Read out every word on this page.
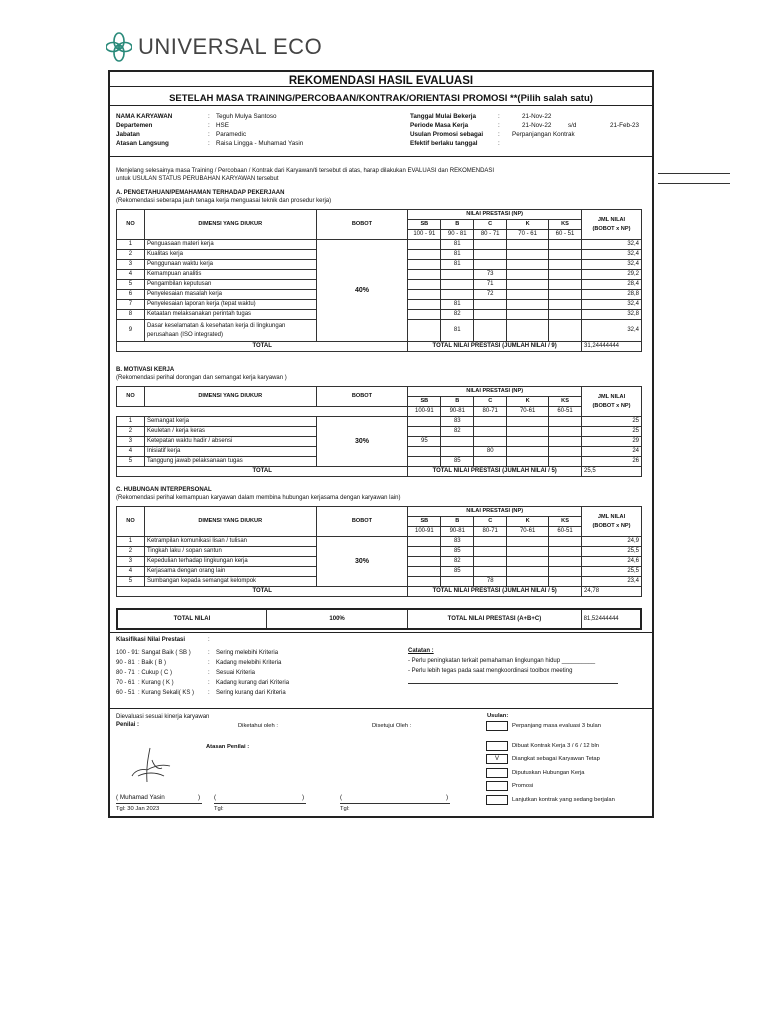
UNIVERSAL ECO
REKOMENDASI HASIL EVALUASI
SETELAH MASA TRAINING/PERCOBAAN/KONTRAK/ORIENTASI PROMOSI **(Pilih salah satu)
NAMA KARYAWAN	: Teguh Mulya Santoso
Departemen	: HSE
Jabatan	: Paramedic
Atasan Langsung	: Raisa Lingga - Muhamad Yasin
Tanggal Mulai Bekerja	:	21-Nov-22
Periode Masa Kerja	:	21-Nov-22	s/d	21-Feb-23
Usulan Promosi sebagai : Perpanjangan Kontrak
Efektif berlaku tanggal	:
Menjelang selesainya masa Training / Percobaan / Kontrak dari Karyawan/ti tersebut di atas, harap dilakukan EVALUASI dan REKOMENDASI
untuk USULAN STATUS PERUBAHAN KARYAWAN tersebut
A. PENGETAHUAN/PEMAHAMAN TERHADAP PEKERJAAN
(Rekomendasi seberapa jauh tenaga kerja menguasai teknik dan prosedur kerja)
NO	DIMENSI YANG DIUKUR	BOBOT	NILAI PRESTASI (NP)					JML NILAI
(BOBOT x NP)

			SB	B	C	K	KS	
			100 - 91	90 - 81	80 - 71	70 - 61	60 - 51	
1	Penguasaan materi kerja	40%		81				32,4
2	Kualitas kerja			81				32,4
3	Penggunaan waktu kerja			81				32,4
4	Kemampuan analitis				73			29,2
5	Pengambilan keputusan				71			28,4
6	Penyelesaian masalah kerja				72			28,8
7	Penyelesaian laporan kerja (tepat waktu)			81				32,4
8	Ketaatan melaksanakan perintah tugas			82				32,8
9	Dasar keselamatan & kesehatan kerja di lingkungan perusahaan (ISO integrated)			81				32,4
TOTAL			TOTAL NILAI PRESTASI (JUMLAH NILAI / 9)					31,24444444
B. MOTIVASI KERJA
(Rekomendasi perihal dorongan dan semangat kerja karyawan )
NO	DIMENSI YANG DIUKUR	BOBOT	NILAI PRESTASI (NP)					JML NILAI
(BOBOT x NP)

			SB	B	C	K	KS	
			100-91	90-81	80-71	70-61	60-51	
1	Semangat kerja	30%		83				25
2	Keuletan / kerja keras			82				25
3	Ketepatan waktu hadir / absensi		95					29
4	Inisiatif kerja				80			24
5	Tanggung jawab pelaksanaan tugas			85				26
TOTAL			TOTAL NILAI PRESTASI (JUMLAH NILAI / 5)					25,5
C. HUBUNGAN INTERPERSONAL
(Rekomendasi perihal kemampuan karyawan dalam membina hubungan kerjasama dengan karyawan lain)
NO	DIMENSI YANG DIUKUR	BOBOT	NILAI PRESTASI (NP)					JML NILAI
(BOBOT x NP)

			SB	B	C	K	KS	
			100-91	90-81	80-71	70-61	60-51	
1	Ketrampilan komunikasi lisan / tulisan	30%		83				24,9
2	Tingkah laku / sopan santun			85				25,5
3	Kepedulian terhadap lingkungan kerja			82				24,6
4	Kerjasama dengan orang lain			85				25,5
5	Sumbangan kepada semangat kelompok				78			23,4
TOTAL			TOTAL NILAI PRESTASI (JUMLAH NILAI / 5)					24,78
TOTAL NILAI	100%	TOTAL NILAI PRESTASI (A+B+C)	81,52444444
Klasifikasi Nilai Prestasi	:
100 - 91 : Sangat Baik ( SB )	: Sering melebihi Kriteria
90 - 81 : Baik ( B )	: Kadang melebihi Kriteria
80 - 71 : Cukup ( C )	: Sesuai Kriteria
70 - 61 : Kurang ( K )	: Kadang kurang dari Kriteria
60 - 51 : Kurang Sekali( KS ) : Sering kurang dari Kriteria
Catatan :
- Perlu peningkatan terkait pemahaman lingkungan hidup __________
- Perlu lebih tegas pada saat mengkoordinasi toolbox meeting
Dievaluasi sesuai kinerja karyawan
Penilai :	Diketahui oleh :	Disetujui Oleh :
Atasan Penilai :
( Muhamad Yasin	)
Tgl: 30 Jan 2023
(	)
Tgl:
(	)
Tgl:
Usulan:
Perpanjang masa evaluasi 3 bulan
Dibuat Kontrak Kerja 3 / 6 / 12 bln
V	Diangkat sebagai Karyawan Tetap
Diputuskan Hubungan Kerja
Promosi
Lanjutkan kontrak yang sedang berjalan
